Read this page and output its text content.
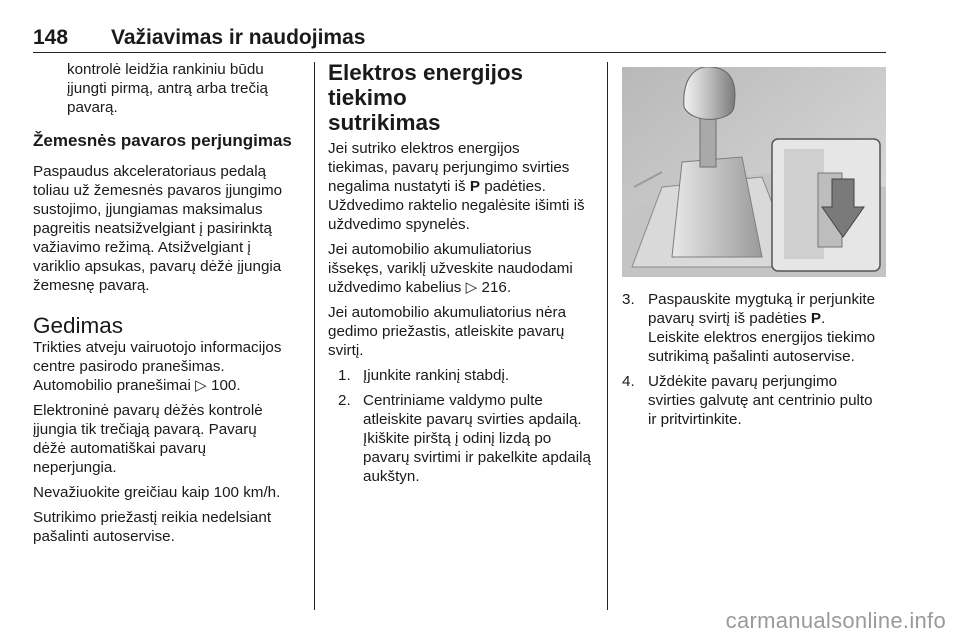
148 Važiavimas ir naudojimas

kontrolė leidžia rankiniu būdu

įjungti pirmą, antrą arba trečią

pavarą.

Žemesnės pavaros perjungimas

Paspaudus akceleratoriaus pedalą

toliau už žemesnės pavaros įjungimo

sustojimo, įjungiamas maksimalus

pagreitis neatsižvelgiant į pasirinktą

važiavimo režimą. Atsižvelgiant į

variklio apsukas, pavarų dėžė įjungia

žemesnę pavarą.

Gedimas

Trikties atveju vairuotojo informacijos

centre pasirodo pranešimas.

Automobilio pranešimai ▷ 100.

Elektroninė pavarų dėžės kontrolė

įjungia tik trečiąją pavarą. Pavarų

dėžė automatiškai pavarų

neperjungia.

Nevažiuokite greičiau kaip 100 km/h.

Sutrikimo priežastį reikia nedelsiant

pašalinti autoservise.

Elektros energijos tiekimo
sutrikimas

Jei sutriko elektros energijos

tiekimas, pavarų perjungimo svirties

negalima nustatyti iš P padėties.

Uždvedimo raktelio negalėsite išimti iš

uždvedimo spynelės.

Jei automobilio akumuliatorius

išsekęs, variklį užveskite naudodami

uždvedimo kabelius ▷ 216.

Jei automobilio akumuliatorius nėra

gedimo priežastis, atleiskite pavarų

svirtį.

1. Įjunkite rankinį stabdį.
2. Centriniame valdymo pulte
atleiskite pavarų svirties apdailą.
Įkiškite pirštą į odinį lizdą po
pavarų svirtimi ir pakelkite apdailą
aukštyn.
3. Paspauskite mygtuką ir perjunkite
pavarų svirtį iš padėties P.
Leiskite elektros energijos tiekimo
sutrikimą pašalinti autoservise.
4. Uždėkite pavarų perjungimo
svirties galvutę ant centrinio pulto
ir pritvirtinkite.
carmanualsonline.info
